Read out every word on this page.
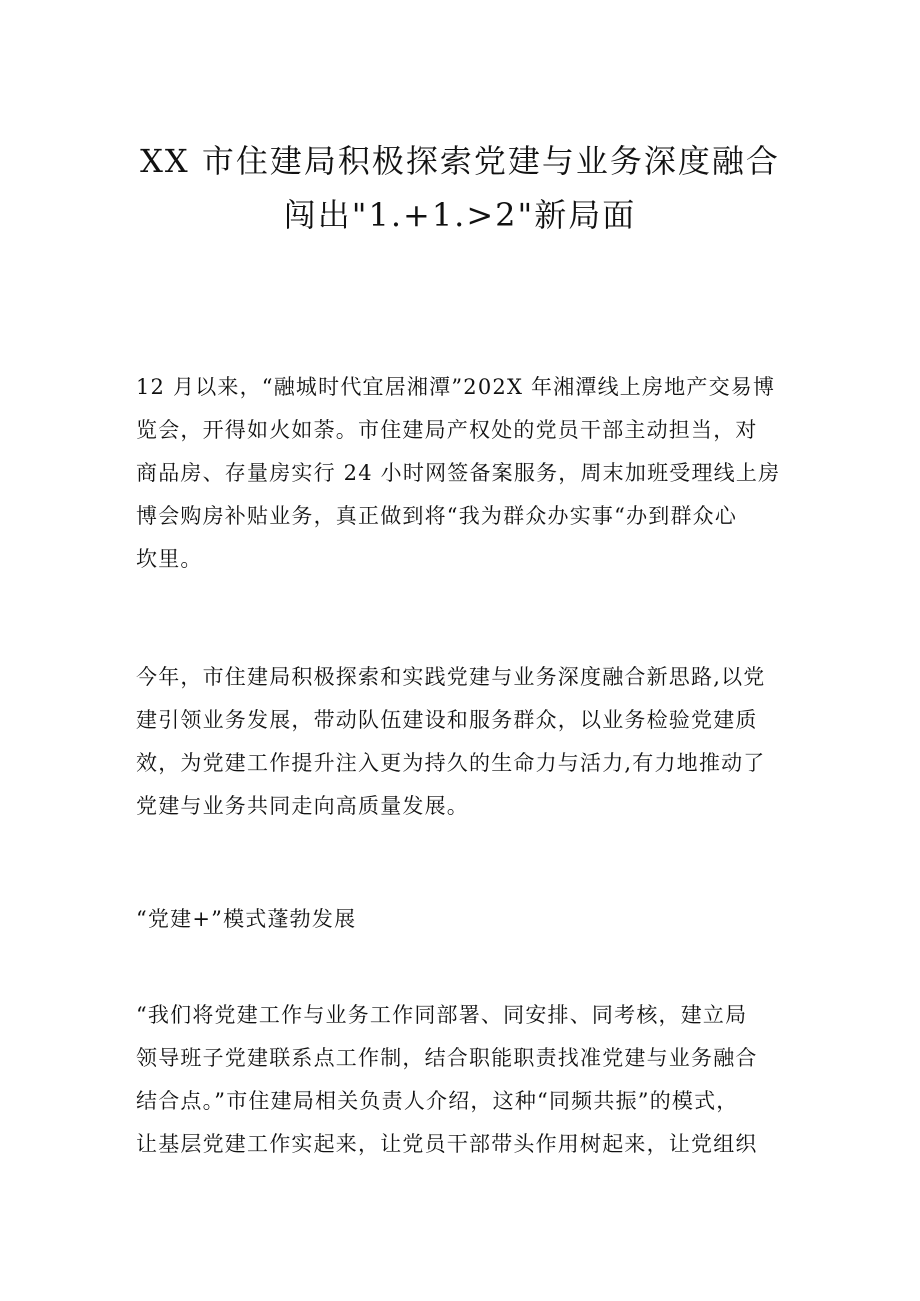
XX 市住建局积极探索党建与业务深度融合
闯出"1.+1.>2"新局面
12 月以来，“融城时代宜居湘潭”202X 年湘潭线上房地产交易博
览会，开得如火如荼。市住建局产权处的党员干部主动担当，对
商品房、存量房实行 24 小时网签备案服务，周末加班受理线上房
博会购房补贴业务，真正做到将“我为群众办实事“办到群众心
坎里。
今年，市住建局积极探索和实践党建与业务深度融合新思路,以党
建引领业务发展，带动队伍建设和服务群众，以业务检验党建质
效，为党建工作提升注入更为持久的生命力与活力,有力地推动了
党建与业务共同走向高质量发展。
“党建+”模式蓬勃发展
“我们将党建工作与业务工作同部署、同安排、同考核，建立局
领导班子党建联系点工作制，结合职能职责找准党建与业务融合
结合点。”市住建局相关负责人介绍，这种“同频共振”的模式，
让基层党建工作实起来，让党员干部带头作用树起来，让党组织
